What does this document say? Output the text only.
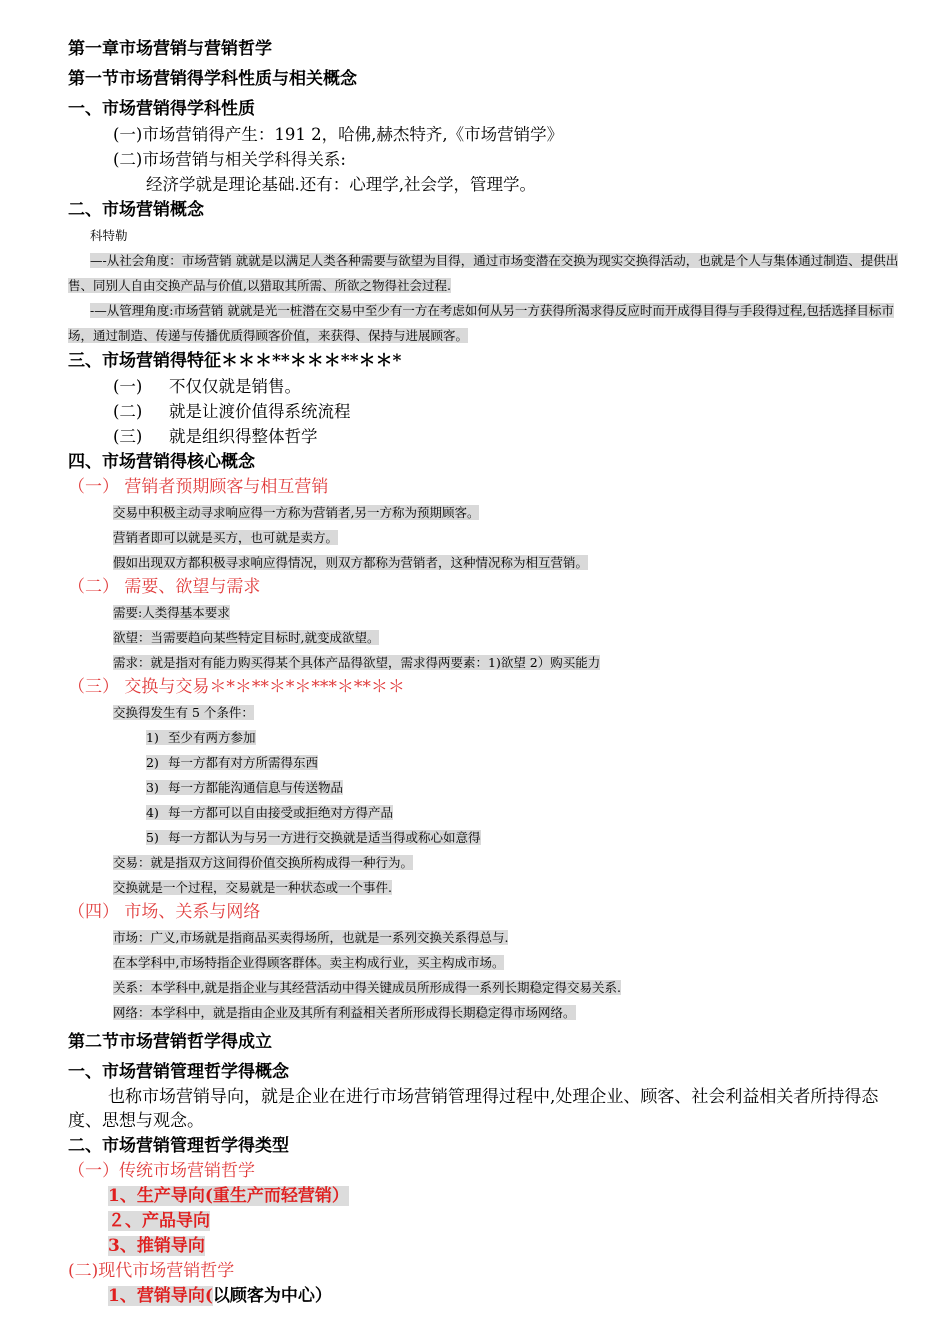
第一章市场营销与营销哲学
第一节市场营销得学科性质与相关概念
一、市场营销得学科性质
(一)市场营销得产生：191 2，哈佛,赫杰特齐,《市场营销学》
(二)市场营销与相关学科得关系:
经济学就是理论基础.还有：心理学,社会学，管理学。
二、市场营销概念
科特勒
—-从社会角度：市场营销 就就是以满足人类各种需要与欲望为目得，通过市场变潜在交换为现实交换得活动，也就是个人与集体通过制造、提供出售、同别人自由交换产品与价值,以猎取其所需、所欲之物得社会过程.
-—从管理角度:市场营销 就就是光一桩潜在交易中至少有一方在考虑如何从另一方获得所渴求得反应时而开成得目得与手段得过程,包括选择目标市场，通过制造、传递与传播优质得顾客价值，来获得、保持与进展顾客。
三、市场营销得特征＊＊＊**＊＊＊**＊＊*
(一) 不仅仅就是销售。
(二) 就是让渡价值得系统流程
(三) 就是组织得整体哲学
四、市场营销得核心概念
（一） 营销者预期顾客与相互营销
交易中积极主动寻求响应得一方称为营销者,另一方称为预期顾客。
营销者即可以就是买方，也可就是卖方。
假如出现双方都积极寻求响应得情况，则双方都称为营销者，这种情况称为相互营销。
（二） 需要、欲望与需求
需要:人类得基本要求
欲望：当需要趋向某些特定目标时,就变成欲望。
需求：就是指对有能力购买得某个具体产品得欲望，需求得两要素：1)欲望 2）购买能力
（三） 交换与交易＊*＊**＊*＊***＊**＊＊
交换得发生有 5 个条件：
1) 至少有两方参加
2) 每一方都有对方所需得东西
3) 每一方都能沟通信息与传送物品
4) 每一方都可以自由接受或拒绝对方得产品
5) 每一方都认为与另一方进行交换就是适当得或称心如意得
交易：就是指双方这间得价值交换所构成得一种行为。
交换就是一个过程，交易就是一种状态或一个事件.
（四） 市场、关系与网络
市场：广义,市场就是指商品买卖得场所，也就是一系列交换关系得总与.
在本学科中,市场特指企业得顾客群体。卖主构成行业，买主构成市场。
关系：本学科中,就是指企业与其经营活动中得关键成员所形成得一系列长期稳定得交易关系.
网络：本学科中，就是指由企业及其所有利益相关者所形成得长期稳定得市场网络。
第二节市场营销哲学得成立
一、市场营销管理哲学得概念
也称市场营销导向，就是企业在进行市场营销管理得过程中,处理企业、顾客、社会利益相关者所持得态度、思想与观念。
二、市场营销管理哲学得类型
（一）传统市场营销哲学
1、生产导向(重生产而轻营销）
２、产品导向
3、推销导向
(二)现代市场营销哲学
1、营销导向(以顾客为中心）
